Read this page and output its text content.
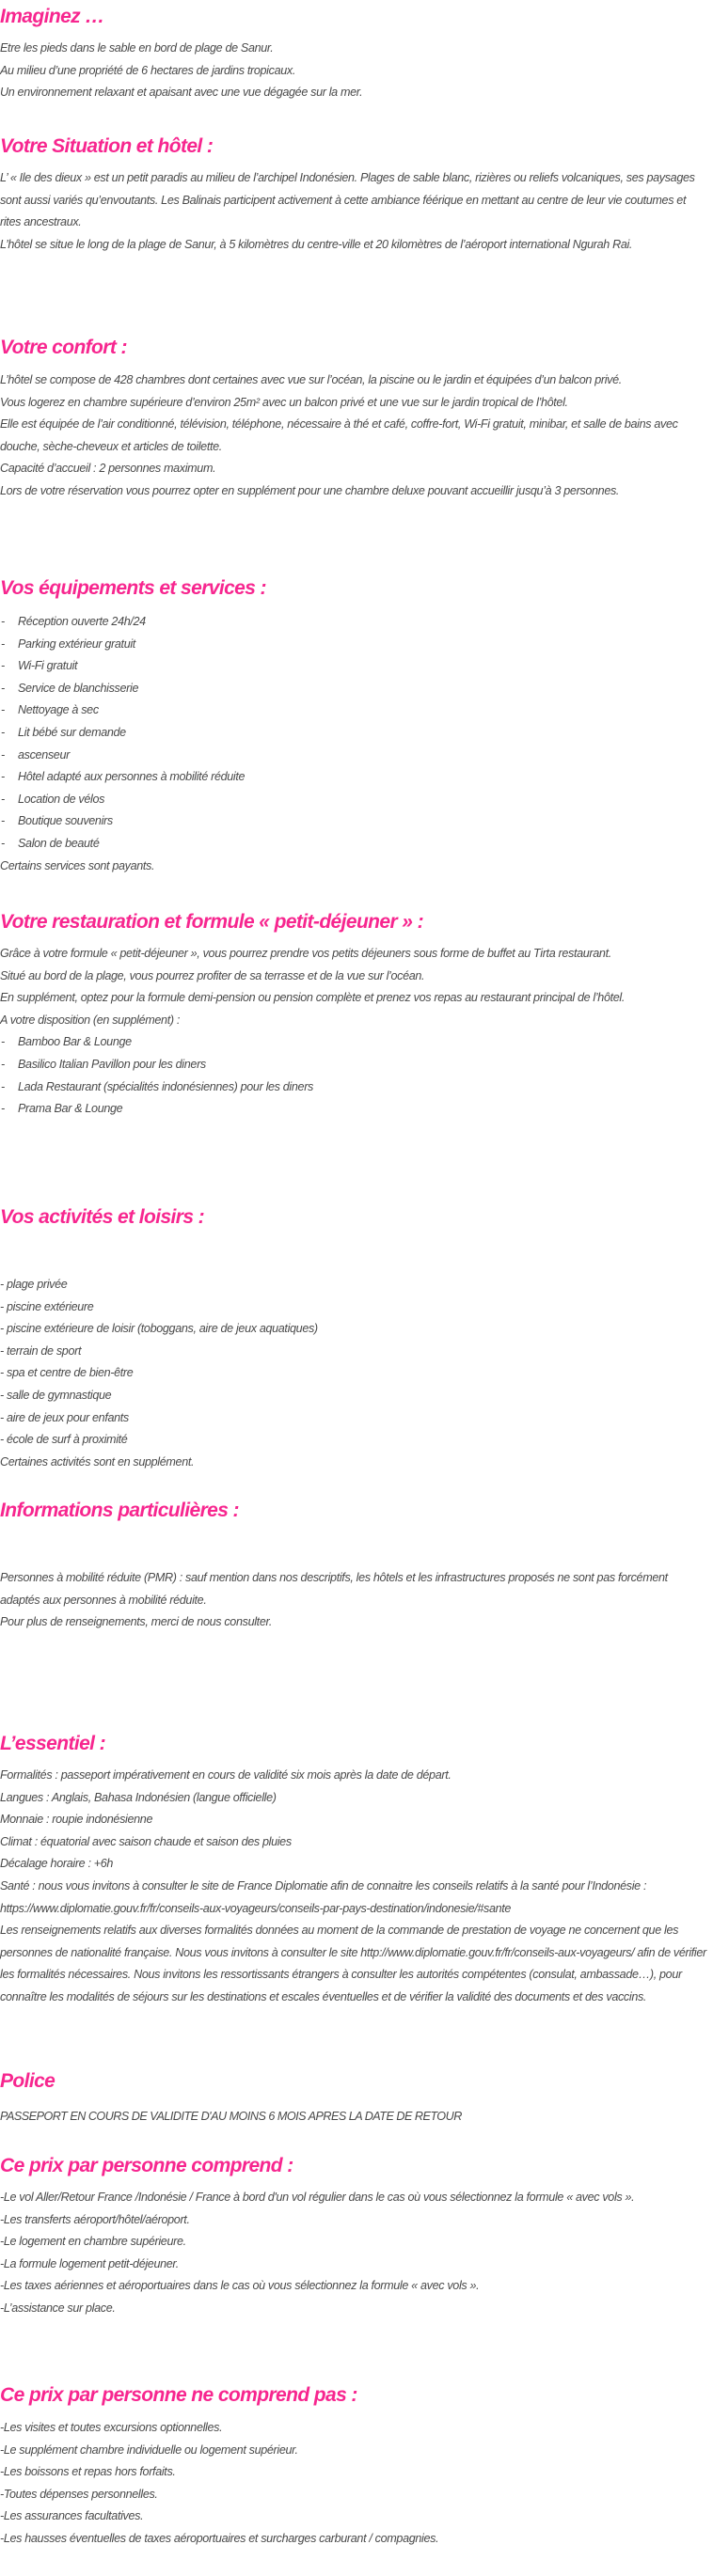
Imaginez …

Etre les pieds dans le sable en bord de plage de Sanur.

Au milieu d’une propriété de 6 hectares de jardins tropicaux.

Un environnement relaxant et apaisant avec une vue dégagée sur la mer.

Votre Situation et hôtel :

L’ « Ile des dieux » est un petit paradis au milieu de l’archipel Indonésien. Plages de sable blanc, rizières ou reliefs volcaniques, ses paysages sont aussi variés qu’envoutants. Les Balinais participent activement à cette ambiance féérique en mettant au centre de leur vie coutumes et rites ancestraux.

L’hôtel se situe le long de la plage de Sanur, à 5 kilomètres du centre-ville et 20 kilomètres de l’aéroport international Ngurah Rai.

Votre confort :

L’hôtel se compose de 428 chambres dont certaines avec vue sur l’océan, la piscine ou le jardin et équipées d’un balcon privé.

Vous logerez en chambre supérieure d’environ 25m² avec un balcon privé et une vue sur le jardin tropical de l’hôtel.

Elle est équipée de l’air conditionné, télévision, téléphone, nécessaire à thé et café, coffre-fort, Wi-Fi gratuit, minibar, et salle de bains avec douche, sèche-cheveux et articles de toilette.

Capacité d’accueil : 2 personnes maximum.

Lors de votre réservation vous pourrez opter en supplément pour une chambre deluxe pouvant accueillir jusqu’à 3 personnes.

Vos équipements et services :
-	Réception ouverte 24h/24
-	Parking extérieur gratuit
-	Wi-Fi gratuit
-	Service de blanchisserie
-	Nettoyage à sec
-	Lit bébé sur demande
-	ascenseur
-	Hôtel adapté aux personnes à mobilité réduite
-	Location de vélos
-	Boutique souvenirs
-	Salon de beauté

Certains services sont payants.

Votre restauration et formule « petit-déjeuner » :

Grâce à votre formule « petit-déjeuner », vous pourrez prendre vos petits déjeuners sous forme de buffet au Tirta restaurant.

Situé au bord de la plage, vous pourrez profiter de sa terrasse et de la vue sur l’océan.

En supplément, optez pour la formule demi-pension ou pension complète et prenez vos repas au restaurant principal de l’hôtel.

A votre disposition (en supplément) :

-	Bamboo Bar & Lounge
-	Basilico Italian Pavillon pour les diners
-	Lada Restaurant (spécialités indonésiennes) pour les diners
-	Prama Bar & Lounge
Vos activités et loisirs :

- plage privée

- piscine extérieure

- piscine extérieure de loisir (toboggans, aire de jeux aquatiques)

- terrain de sport

- spa et centre de bien-être

- salle de gymnastique

- aire de jeux pour enfants

- école de surf à proximité

Certaines activités sont en supplément.

Informations particulières :

Personnes à mobilité réduite (PMR) : sauf mention dans nos descriptifs, les hôtels et les infrastructures proposés ne sont pas forcément adaptés aux personnes à mobilité réduite.

Pour plus de renseignements, merci de nous consulter.

L’essentiel :

Formalités : passeport impérativement en cours de validité six mois après la date de départ.

Langues : Anglais, Bahasa Indonésien (langue officielle)

Monnaie : roupie indonésienne

Climat : équatorial avec saison chaude et saison des pluies

Décalage horaire : +6h

Santé : nous vous invitons à consulter le site de France Diplomatie afin de connaitre les conseils relatifs à la santé pour l’Indonésie : https://www.diplomatie.gouv.fr/fr/conseils-aux-voyageurs/conseils-par-pays-destination/indonesie/#sante

Les renseignements relatifs aux diverses formalités données au moment de la commande de prestation de voyage ne concernent que les personnes de nationalité française. Nous vous invitons à consulter le site http://www.diplomatie.gouv.fr/fr/conseils-aux-voyageurs/ afin de vérifier les formalités nécessaires. Nous invitons les ressortissants étrangers à consulter les autorités compétentes (consulat, ambassade…), pour connaître les modalités de séjours sur les destinations et escales éventuelles et de vérifier la validité des documents et des vaccins.

Police

PASSEPORT EN COURS DE VALIDITE D'AU MOINS 6 MOIS APRES LA DATE DE RETOUR

Ce prix par personne comprend :

-Le vol Aller/Retour France /Indonésie / France à bord d'un vol régulier dans le cas où vous sélectionnez la formule « avec vols ».

-Les transferts aéroport/hôtel/aéroport.

-Le logement en chambre supérieure.

-La formule logement petit-déjeuner.

-Les taxes aériennes et aéroportuaires dans le cas où vous sélectionnez la formule « avec vols ».

-L’assistance sur place.

Ce prix par personne ne comprend pas :

-Les visites et toutes excursions optionnelles.

-Le supplément chambre individuelle ou logement supérieur.

-Les boissons et repas hors forfaits.

-Toutes dépenses personnelles.

-Les assurances facultatives.

-Les hausses éventuelles de taxes aéroportuaires et surcharges carburant / compagnies.
